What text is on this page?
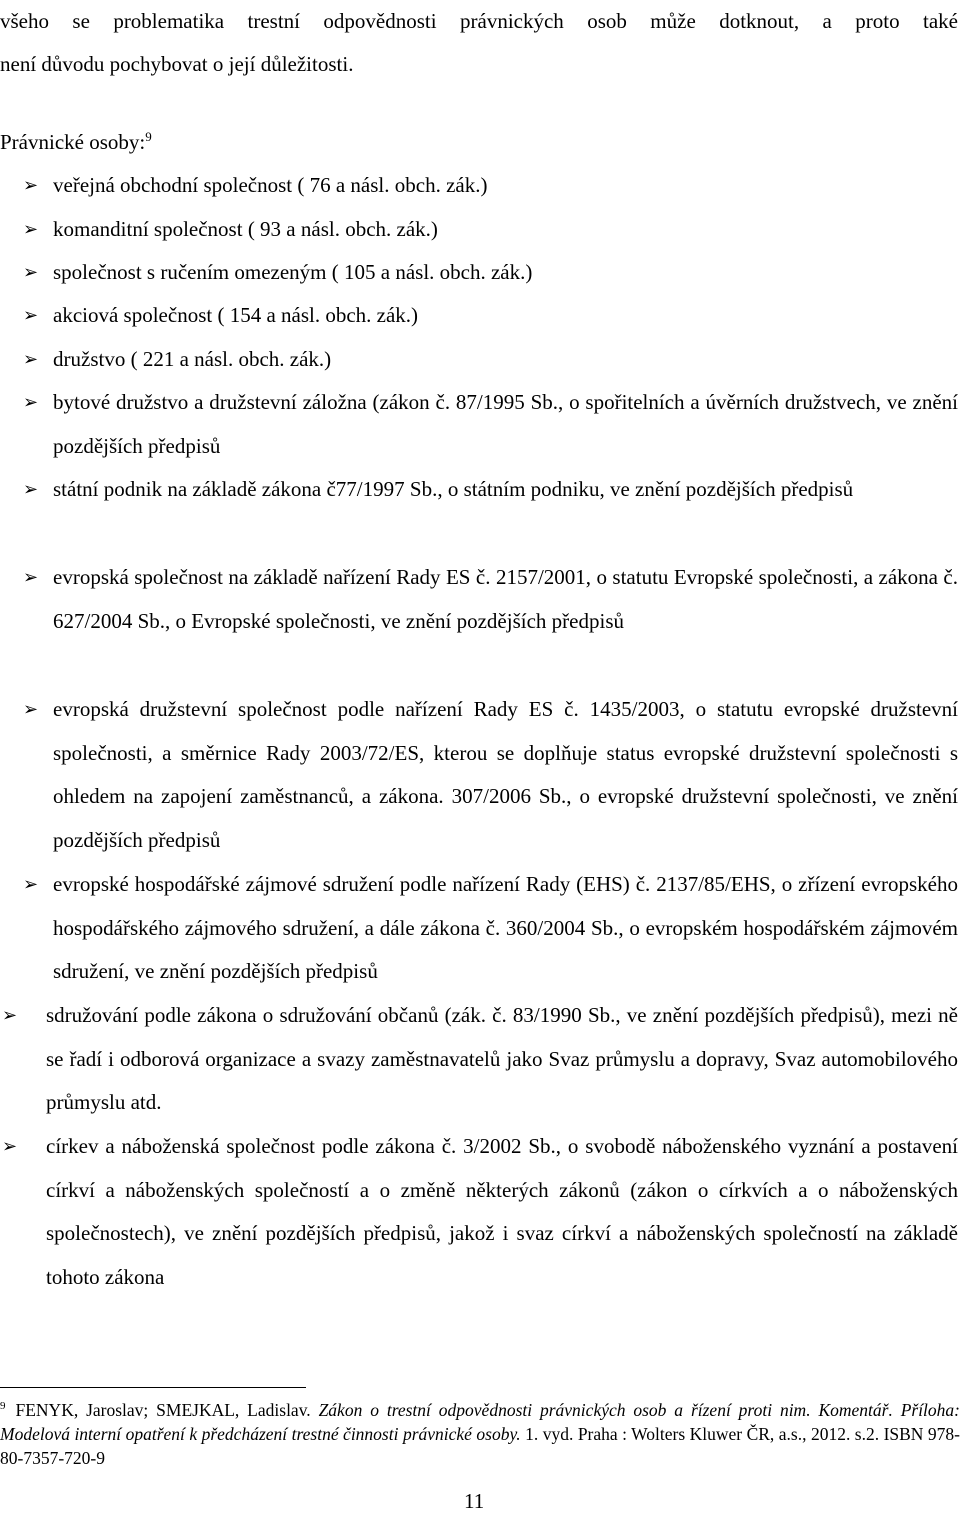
všeho se problematika trestní odpovědnosti právnických osob může dotknout, a proto také

není důvodu pochybovat o její důležitosti.
Právnické osoby:$^9$
➢ veřejná obchodní společnost ( 76 a násl. obch. zák.)
➢ komanditní společnost ( 93 a násl. obch. zák.)
➢ společnost s ručením omezeným ( 105 a násl. obch. zák.)
➢ akciová společnost ( 154 a násl. obch. zák.)
➢ družstvo ( 221 a násl. obch. zák.)
➢ bytové družstvo a družstevní záložna (zákon č. 87/1995 Sb., o spořitelních a úvěrních družstvech, ve znění pozdějších předpisů
➢ státní podnik na základě zákona č77/1997 Sb., o státním podniku, ve znění pozdějších předpisů
➢ evropská společnost na základě nařízení Rady ES č. 2157/2001, o statutu Evropské společnosti, a zákona č. 627/2004 Sb., o Evropské společnosti, ve znění pozdějších předpisů
➢ evropská družstevní společnost podle nařízení Rady ES č. 1435/2003, o statutu evropské družstevní společnosti, a směrnice Rady 2003/72/ES, kterou se doplňuje status evropské družstevní společnosti s ohledem na zapojení zaměstnanců, a zákona. 307/2006 Sb., o evropské družstevní společnosti, ve znění pozdějších předpisů
➢ evropské hospodářské zájmové sdružení podle nařízení Rady (EHS) č. 2137/85/EHS, o zřízení evropského hospodářského zájmového sdružení, a dále zákona č. 360/2004 Sb., o evropském hospodářském zájmovém sdružení, ve znění pozdějších předpisů
➢ sdružování podle zákona o sdružování občanů (zák. č. 83/1990 Sb., ve znění pozdějších předpisů), mezi ně se řadí i odborová organizace a svazy zaměstnavatelů jako Svaz průmyslu a dopravy, Svaz automobilového průmyslu atd.
➢ církev a náboženská společnost podle zákona č. 3/2002 Sb., o svobodě náboženského vyznání a postavení církví a náboženských společností a o změně některých zákonů (zákon o církvích a o náboženských společnostech), ve znění pozdějších předpisů, jakož i svaz církví a náboženských společností na základě tohoto zákona
$^9$ FENYK, Jaroslav; SMEJKAL, Ladislav. Zákon o trestní odpovědnosti právnických osob a řízení proti nim. Komentář. Příloha: Modelová interní opatření k předcházení trestné činnosti právnické osoby. 1. vyd. Praha : Wolters Kluwer ČR, a.s., 2012. s.2. ISBN 978-80-7357-720-9
11
